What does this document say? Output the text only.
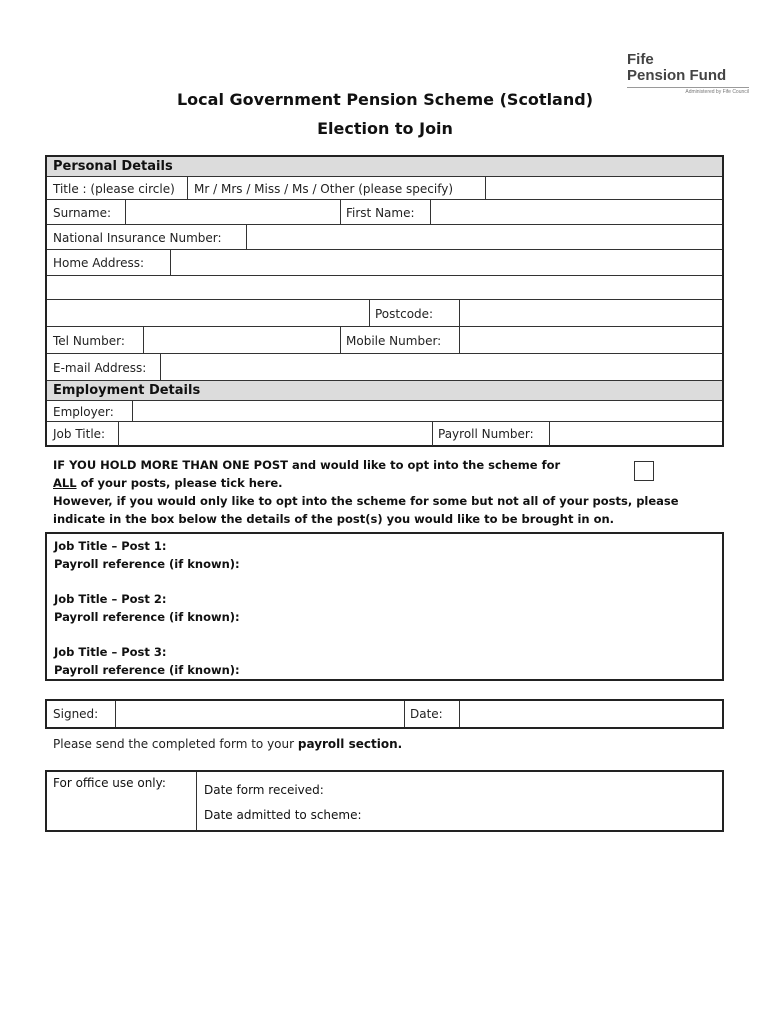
Fife
Pension Fund
Administered by Fife Council
Local Government Pension Scheme (Scotland)
Election to Join
Personal Details
Title : (please circle)	Mr / Mrs / Miss / Ms / Other (please specify)
Surname:	First Name:
National Insurance Number:
Home Address:
Postcode:
Tel Number:	Mobile Number:
E-mail Address:
Employment Details
Employer:
Job Title:	Payroll Number:
IF YOU HOLD MORE THAN ONE POST and would like to opt into the scheme for
ALL of your posts, please tick here.
However, if you would only like to opt into the scheme for some but not all of your posts, please
indicate in the box below the details of the post(s) you would like to be brought in on.
Job Title – Post 1:
Payroll reference (if known):
Job Title – Post 2:
Payroll reference (if known):
Job Title – Post 3:
Payroll reference (if known):
Signed:	Date:
Please send the completed form to your payroll section.
For office use only:	Date form received:
Date admitted to scheme:
